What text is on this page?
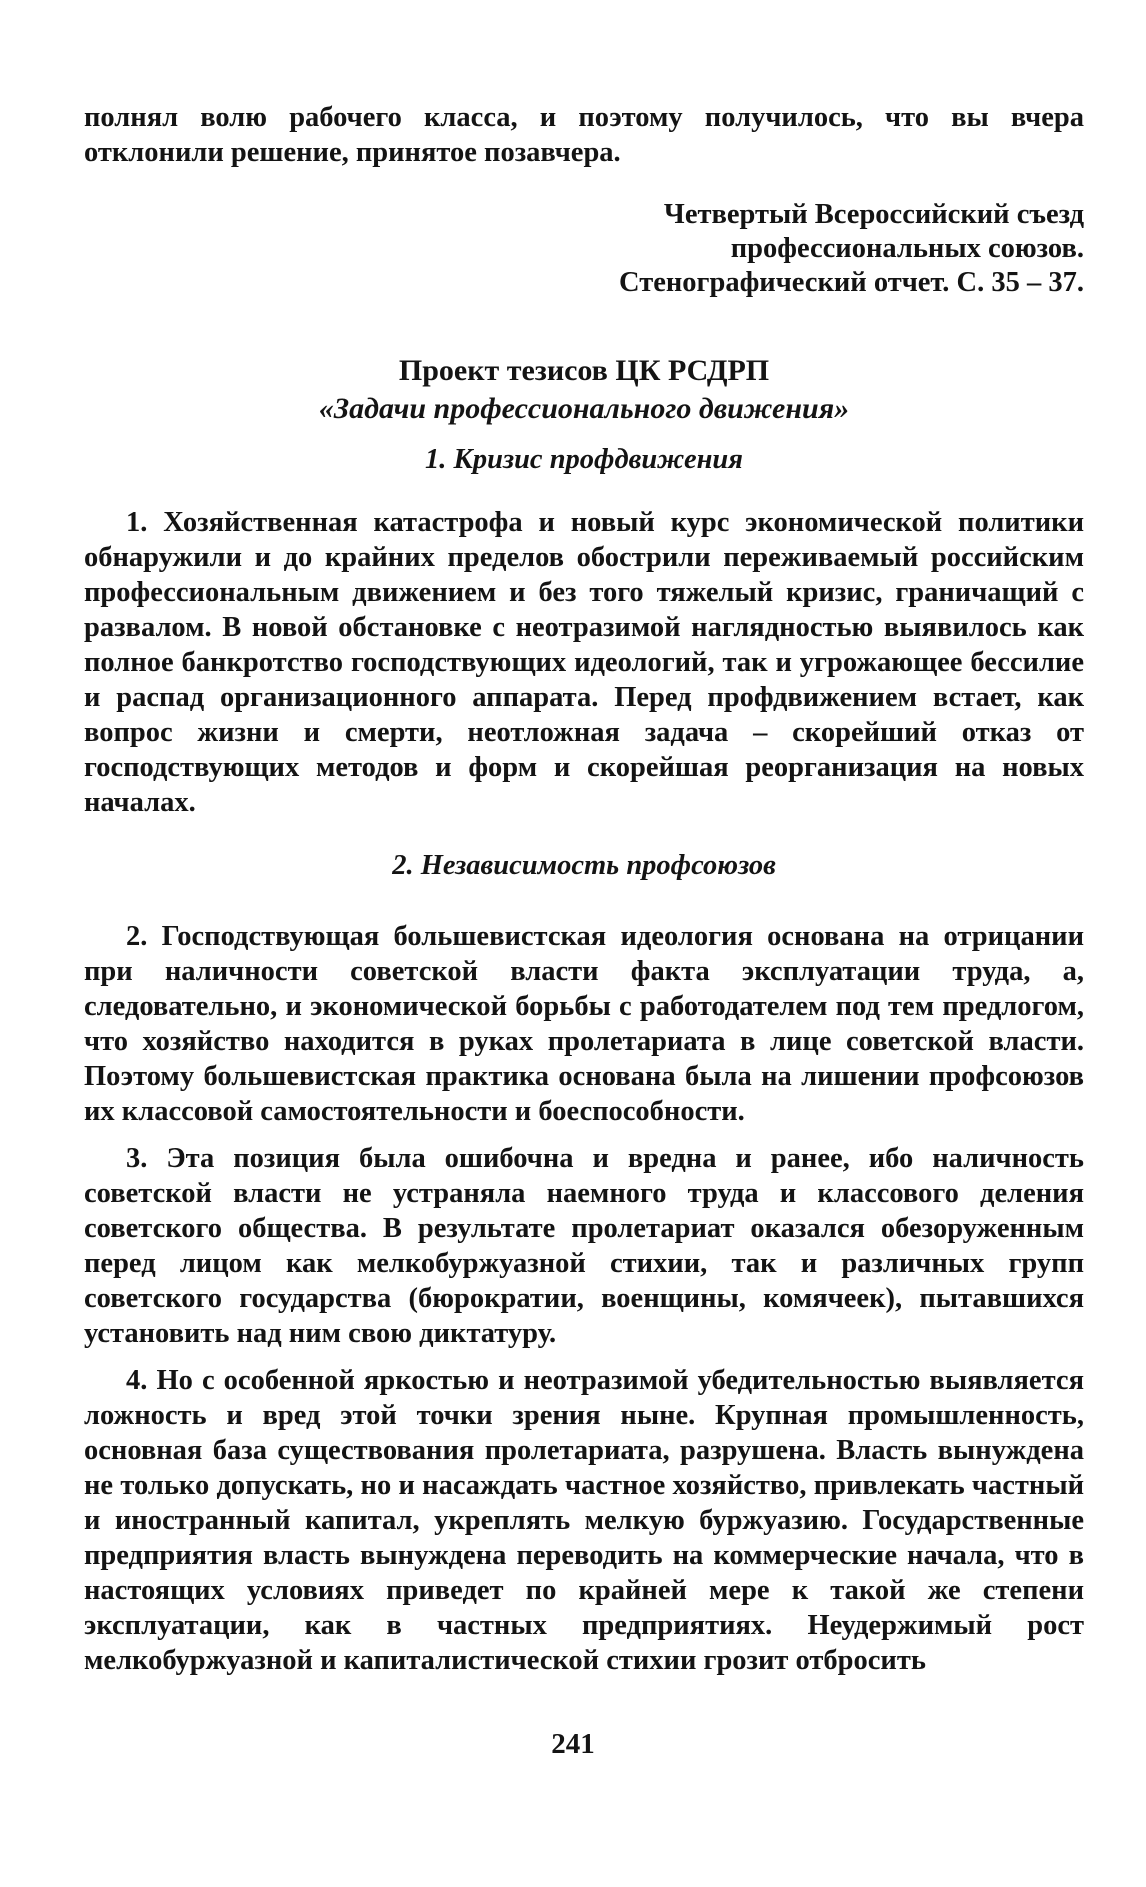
полнял волю рабочего класса, и поэтому получилось, что вы вчера отклонили решение, принятое позавчера.

Четвертый Всероссийский съезд
профессиональных союзов.
Стенографический отчет. С. 35 – 37.
Проект тезисов ЦК РСДРП
«Задачи профессионального движения»
1. Кризис профдвижения

1. Хозяйственная катастрофа и новый курс экономической политики обнаружили и до крайних пределов обострили переживаемый российским профессиональным движением и без того тяжелый кризис, граничащий с развалом. В новой обстановке с неотразимой наглядностью выявилось как полное банкротство господствующих идеологий, так и угрожающее бессилие и распад организационного аппарата. Перед профдвижением встает, как вопрос жизни и смерти, неотложная задача – скорейший отказ от господствующих методов и форм и скорейшая реорганизация на новых началах.

2. Независимость профсоюзов

2. Господствующая большевистская идеология основана на отрицании при наличности советской власти факта эксплуатации труда, а, следовательно, и экономической борьбы с работодателем под тем предлогом, что хозяйство находится в руках пролетариата в лице советской власти. Поэтому большевистская практика основана была на лишении профсоюзов их классовой самостоятельности и боеспособности.

3. Эта позиция была ошибочна и вредна и ранее, ибо наличность советской власти не устраняла наемного труда и классового деления советского общества. В результате пролетариат оказался обезоруженным перед лицом как мелкобуржуазной стихии, так и различных групп советского государства (бюрократии, военщины, комячеек), пытавшихся установить над ним свою диктатуру.

4. Но с особенной яркостью и неотразимой убедительностью выявляется ложность и вред этой точки зрения ныне. Крупная промышленность, основная база существования пролетариата, разрушена. Власть вынуждена не только допускать, но и насаждать частное хозяйство, привлекать частный и иностранный капитал, укреплять мелкую буржуазию. Государственные предприятия власть вынуждена переводить на коммерческие начала, что в настоящих условиях приведет по крайней мере к такой же степени эксплуатации, как в частных предприятиях. Неудержимый рост мелкобуржуазной и капиталистической стихии грозит отбросить

241
